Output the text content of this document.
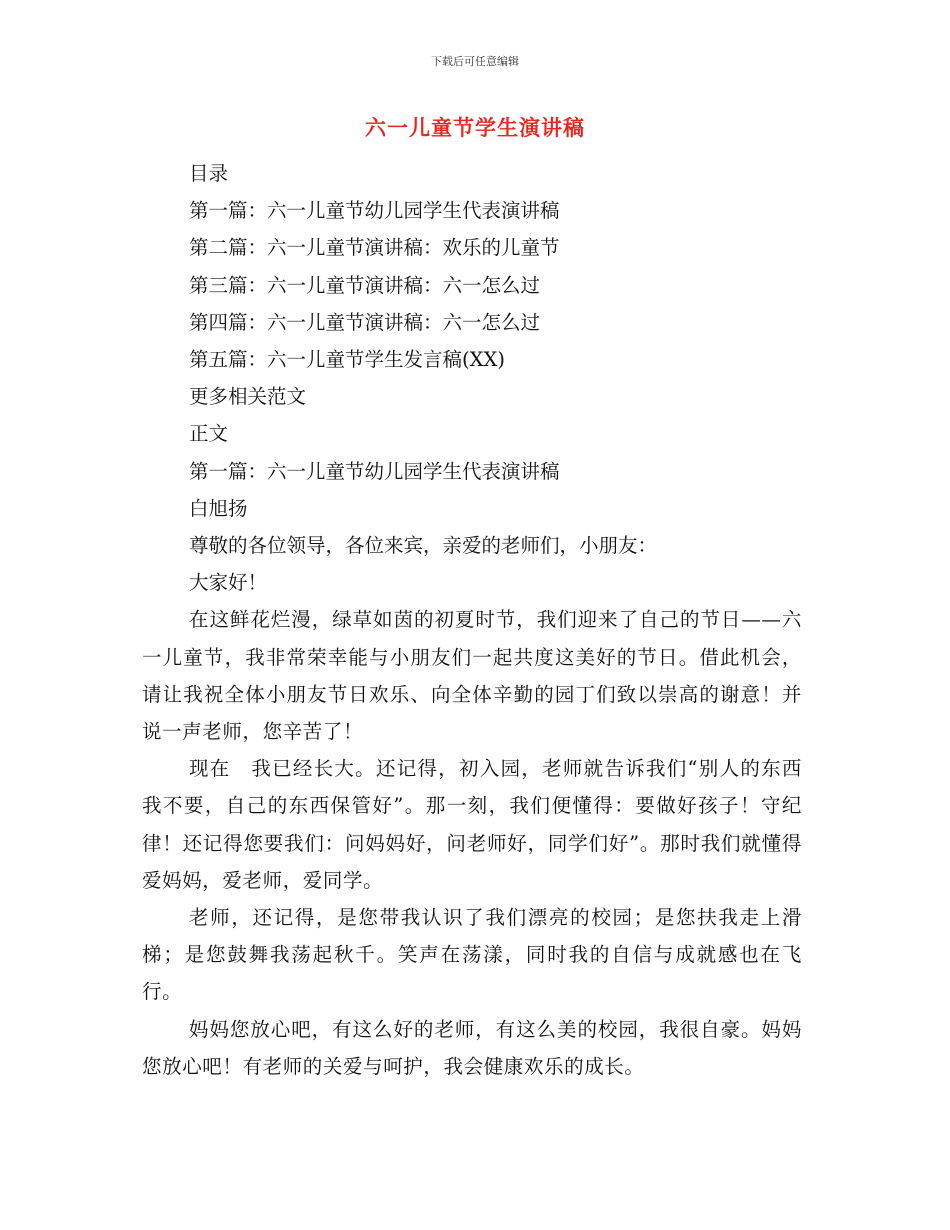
下载后可任意编辑
六一儿童节学生演讲稿

目录

第一篇：六一儿童节幼儿园学生代表演讲稿

第二篇：六一儿童节演讲稿：欢乐的儿童节

第三篇：六一儿童节演讲稿：六一怎么过

第四篇：六一儿童节演讲稿：六一怎么过

第五篇：六一儿童节学生发言稿(XX)

更多相关范文

正文

第一篇：六一儿童节幼儿园学生代表演讲稿

白旭扬

尊敬的各位领导，各位来宾，亲爱的老师们，小朋友：

大家好！

在这鲜花烂漫，绿草如茵的初夏时节，我们迎来了自己的节日——六一儿童节，我非常荣幸能与小朋友们一起共度这美好的节日。借此机会，请让我祝全体小朋友节日欢乐、向全体辛勤的园丁们致以崇高的谢意！并说一声老师，您辛苦了！

现在　我已经长大。还记得，初入园，老师就告诉我们“别人的东西我不要，自己的东西保管好”。那一刻，我们便懂得：要做好孩子！守纪律！还记得您要我们：问妈妈好，问老师好，同学们好”。那时我们就懂得爱妈妈，爱老师，爱同学。

老师，还记得，是您带我认识了我们漂亮的校园；是您扶我走上滑梯；是您鼓舞我荡起秋千。笑声在荡漾，同时我的自信与成就感也在飞行。

妈妈您放心吧，有这么好的老师，有这么美的校园，我很自豪。妈妈您放心吧！有老师的关爱与呵护，我会健康欢乐的成长。
